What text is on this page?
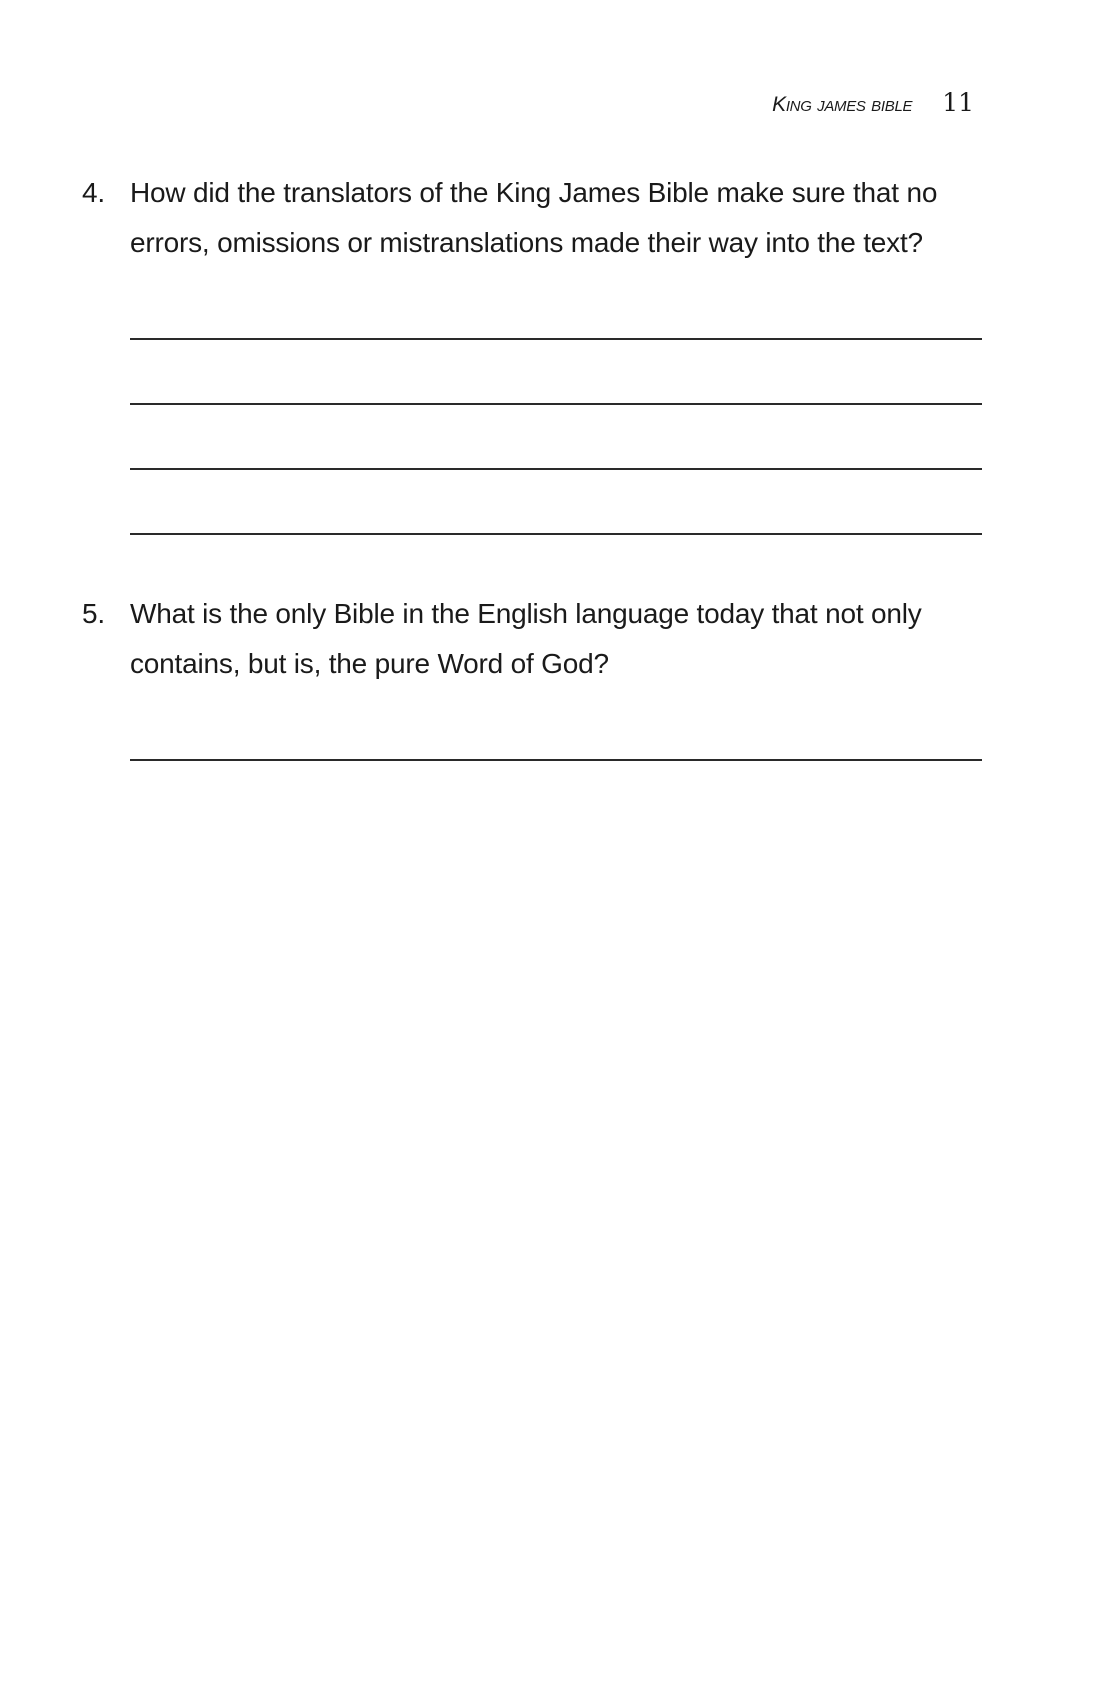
King james bible 11
4. How did the translators of the King James Bible make sure that no errors, omissions or mistranslations made their way into the text?
5. What is the only Bible in the English language today that not only contains, but is, the pure Word of God?
